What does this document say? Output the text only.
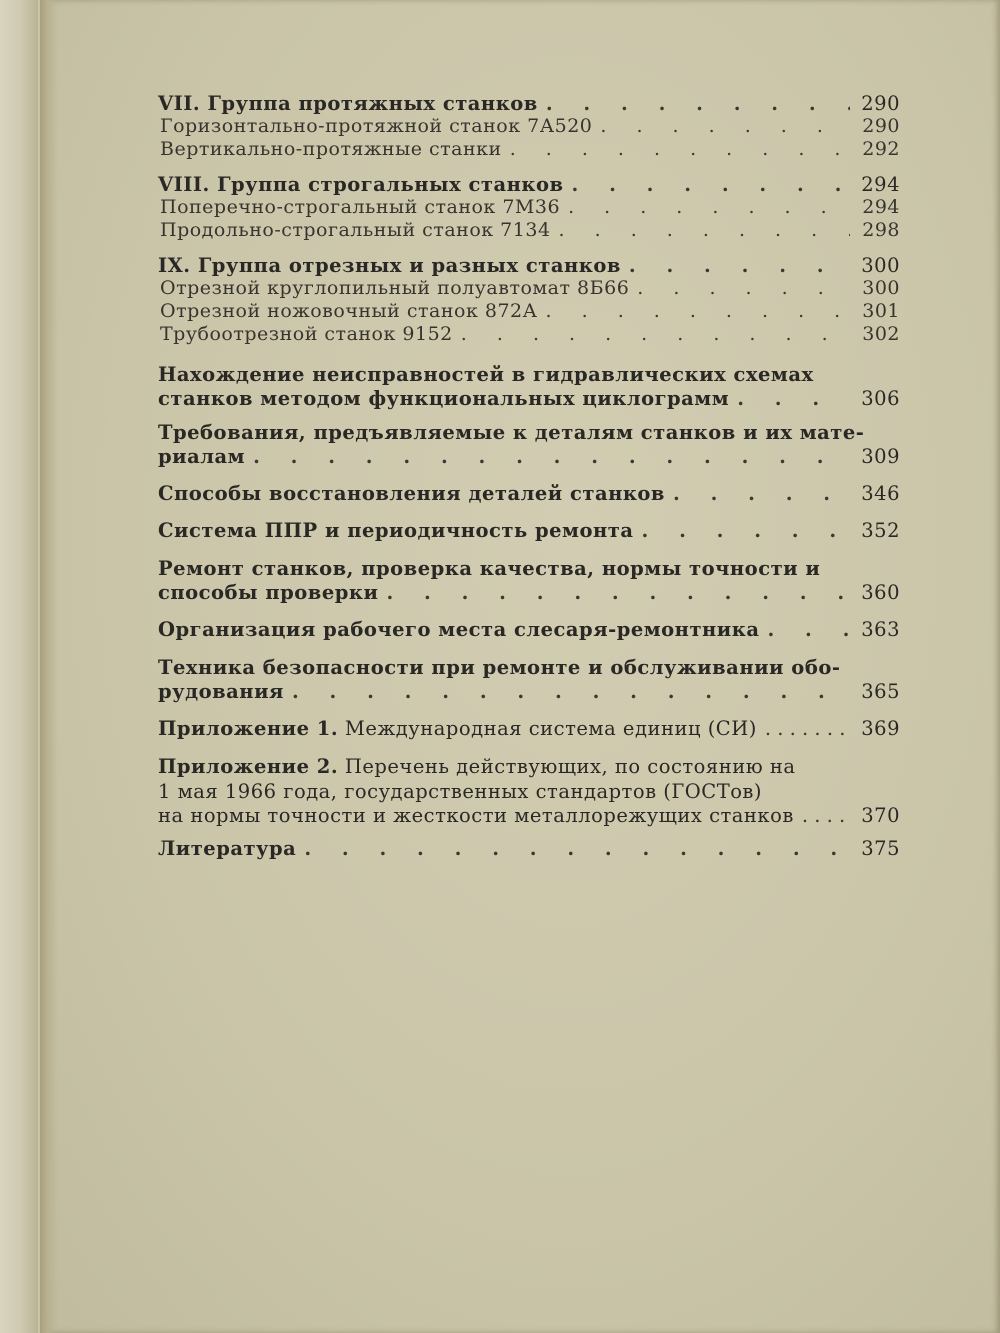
VII. Группа протяжных станков . . .	290
Горизонтально-протяжной станок 7А520 . . .	290
Вертикально-протяжные станки . . .	292
VIII. Группа строгальных станков . . .	294
Поперечно-строгальный станок 7М36 . . .	294
Продольно-строгальный станок 7134 . . .	298
IX. Группа отрезных и разных станков . . .	300
Отрезной круглопильный полуавтомат 8Б66 . . .	300
Отрезной ножовочный станок 872А . . .	301
Трубоотрезной станок 9152 . . .	302
Нахождение неисправностей в гидравлических схемах
станков методом функциональных циклограмм . . .	306
Требования, предъявляемые к деталям станков и их мате-
риалам . . .	309
Способы восстановления деталей станков . . .	346
Система ППР и периодичность ремонта . . .	352
Ремонт станков, проверка качества, нормы точности и
способы проверки . . .	360
Организация рабочего места слесаря-ремонтника . . .	363
Техника безопасности при ремонте и обслуживании обо-
рудования . . .	365
Приложение 1. Международная система единиц (СИ) . . .	369
Приложение 2. Перечень действующих, по состоянию на
1 мая 1966 года, государственных стандартов (ГОСТов)
на нормы точности и жесткости металлорежущих станков . . .	370
Литература . . .	375
